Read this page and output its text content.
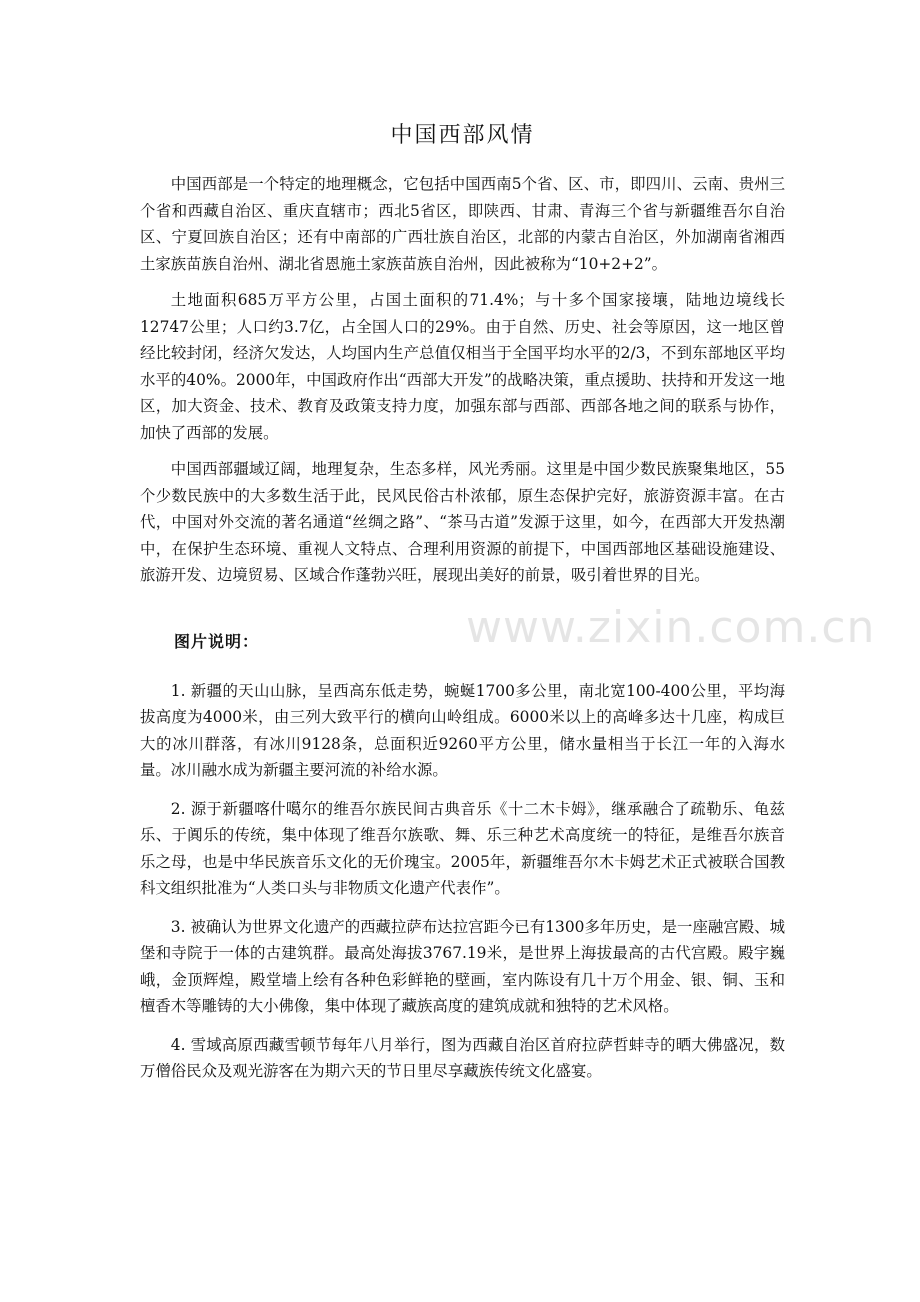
中国西部风情

中国西部是一个特定的地理概念，它包括中国西南5个省、区、市，即四川、云南、贵州三个省和西藏自治区、重庆直辖市；西北5省区，即陕西、甘肃、青海三个省与新疆维吾尔自治区、宁夏回族自治区；还有中南部的广西壮族自治区，北部的内蒙古自治区，外加湖南省湘西土家族苗族自治州、湖北省恩施土家族苗族自治州，因此被称为“10+2+2”。

土地面积685万平方公里，占国土面积的71.4%；与十多个国家接壤，陆地边境线长12747公里；人口约3.7亿，占全国人口的29%。由于自然、历史、社会等原因，这一地区曾经比较封闭，经济欠发达，人均国内生产总值仅相当于全国平均水平的2/3，不到东部地区平均水平的40%。2000年，中国政府作出“西部大开发”的战略决策，重点援助、扶持和开发这一地区，加大资金、技术、教育及政策支持力度，加强东部与西部、西部各地之间的联系与协作，加快了西部的发展。

中国西部疆域辽阔，地理复杂，生态多样，风光秀丽。这里是中国少数民族聚集地区，55个少数民族中的大多数生活于此，民风民俗古朴浓郁，原生态保护完好，旅游资源丰富。在古代，中国对外交流的著名通道“丝绸之路”、“茶马古道”发源于这里，如今，在西部大开发热潮中，在保护生态环境、重视人文特点、合理利用资源的前提下，中国西部地区基础设施建设、旅游开发、边境贸易、区域合作蓬勃兴旺，展现出美好的前景，吸引着世界的目光。

图片说明：

1. 新疆的天山山脉，呈西高东低走势，蜿蜒1700多公里，南北宽100-400公里，平均海拔高度为4000米，由三列大致平行的横向山岭组成。6000米以上的高峰多达十几座，构成巨大的冰川群落，有冰川9128条，总面积近9260平方公里，储水量相当于长江一年的入海水量。冰川融水成为新疆主要河流的补给水源。

2. 源于新疆喀什噶尔的维吾尔族民间古典音乐《十二木卡姆》，继承融合了疏勒乐、龟兹乐、于阗乐的传统，集中体现了维吾尔族歌、舞、乐三种艺术高度统一的特征，是维吾尔族音乐之母，也是中华民族音乐文化的无价瑰宝。2005年，新疆维吾尔木卡姆艺术正式被联合国教科文组织批准为“人类口头与非物质文化遗产代表作”。

3. 被确认为世界文化遗产的西藏拉萨布达拉宫距今已有1300多年历史，是一座融宫殿、城堡和寺院于一体的古建筑群。最高处海拔3767.19米，是世界上海拔最高的古代宫殿。殿宇巍峨，金顶辉煌，殿堂墙上绘有各种色彩鲜艳的壁画，室内陈设有几十万个用金、银、铜、玉和檀香木等雕铸的大小佛像，集中体现了藏族高度的建筑成就和独特的艺术风格。

4. 雪域高原西藏雪顿节每年八月举行，图为西藏自治区首府拉萨哲蚌寺的晒大佛盛况，数万僧俗民众及观光游客在为期六天的节日里尽享藏族传统文化盛宴。

www.zixin.com.cn
